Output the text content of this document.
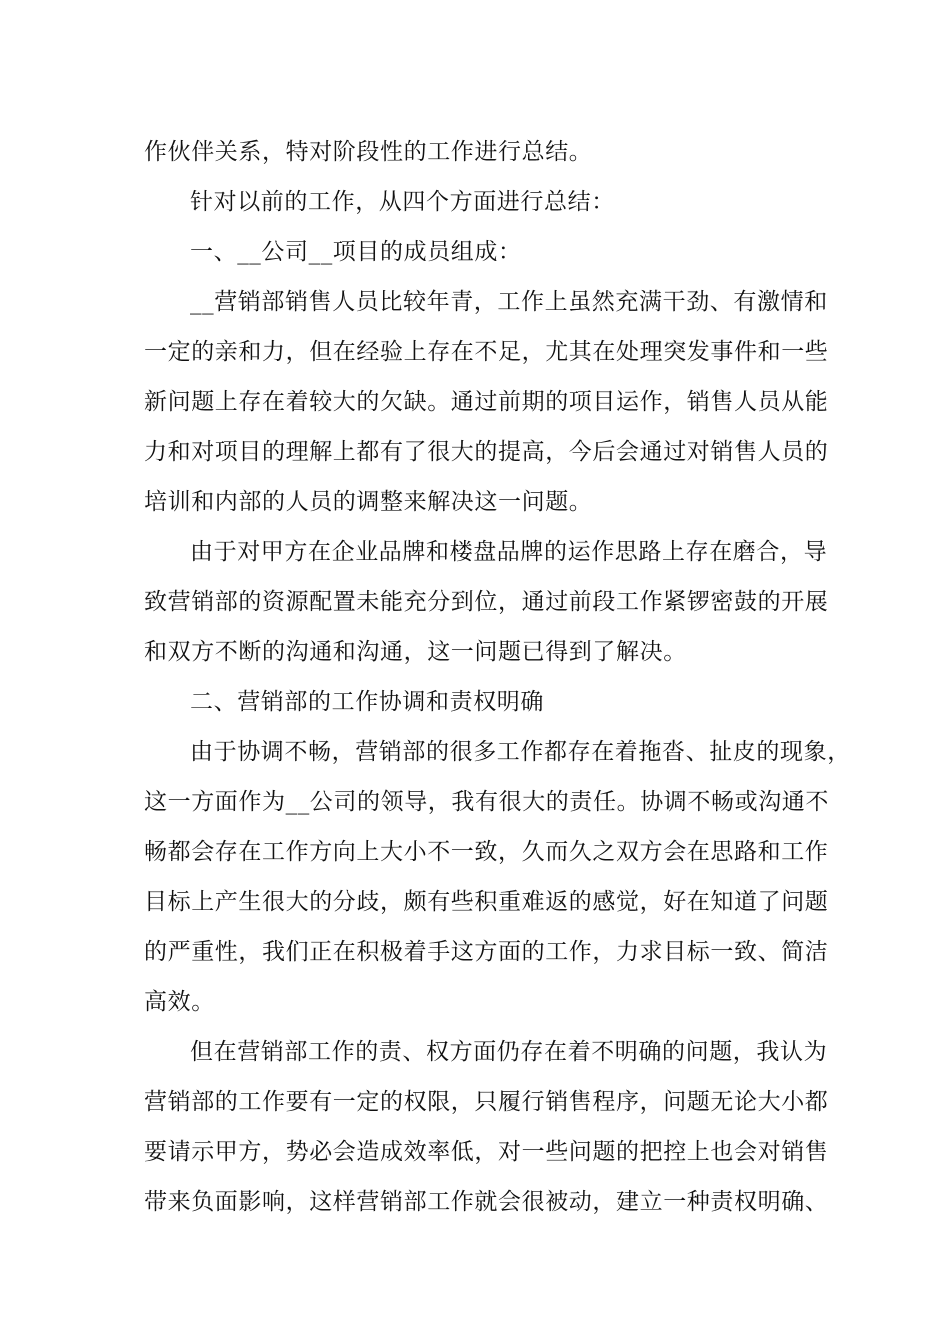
作伙伴关系，特对阶段性的工作进行总结。
针对以前的工作，从四个方面进行总结：
一、__公司__项目的成员组成：
__营销部销售人员比较年青，工作上虽然充满干劲、有激情和
一定的亲和力，但在经验上存在不足，尤其在处理突发事件和一些
新问题上存在着较大的欠缺。通过前期的项目运作，销售人员从能
力和对项目的理解上都有了很大的提高，今后会通过对销售人员的
培训和内部的人员的调整来解决这一问题。
由于对甲方在企业品牌和楼盘品牌的运作思路上存在磨合，导
致营销部的资源配置未能充分到位，通过前段工作紧锣密鼓的开展
和双方不断的沟通和沟通，这一问题已得到了解决。
二、营销部的工作协调和责权明确
由于协调不畅，营销部的很多工作都存在着拖沓、扯皮的现象，
这一方面作为__公司的领导，我有很大的责任。协调不畅或沟通不
畅都会存在工作方向上大小不一致，久而久之双方会在思路和工作
目标上产生很大的分歧，颇有些积重难返的感觉，好在知道了问题
的严重性，我们正在积极着手这方面的工作，力求目标一致、简洁
高效。
但在营销部工作的责、权方面仍存在着不明确的问题，我认为
营销部的工作要有一定的权限，只履行销售程序，问题无论大小都
要请示甲方，势必会造成效率低，对一些问题的把控上也会对销售
带来负面影响，这样营销部工作就会很被动，建立一种责权明确、
